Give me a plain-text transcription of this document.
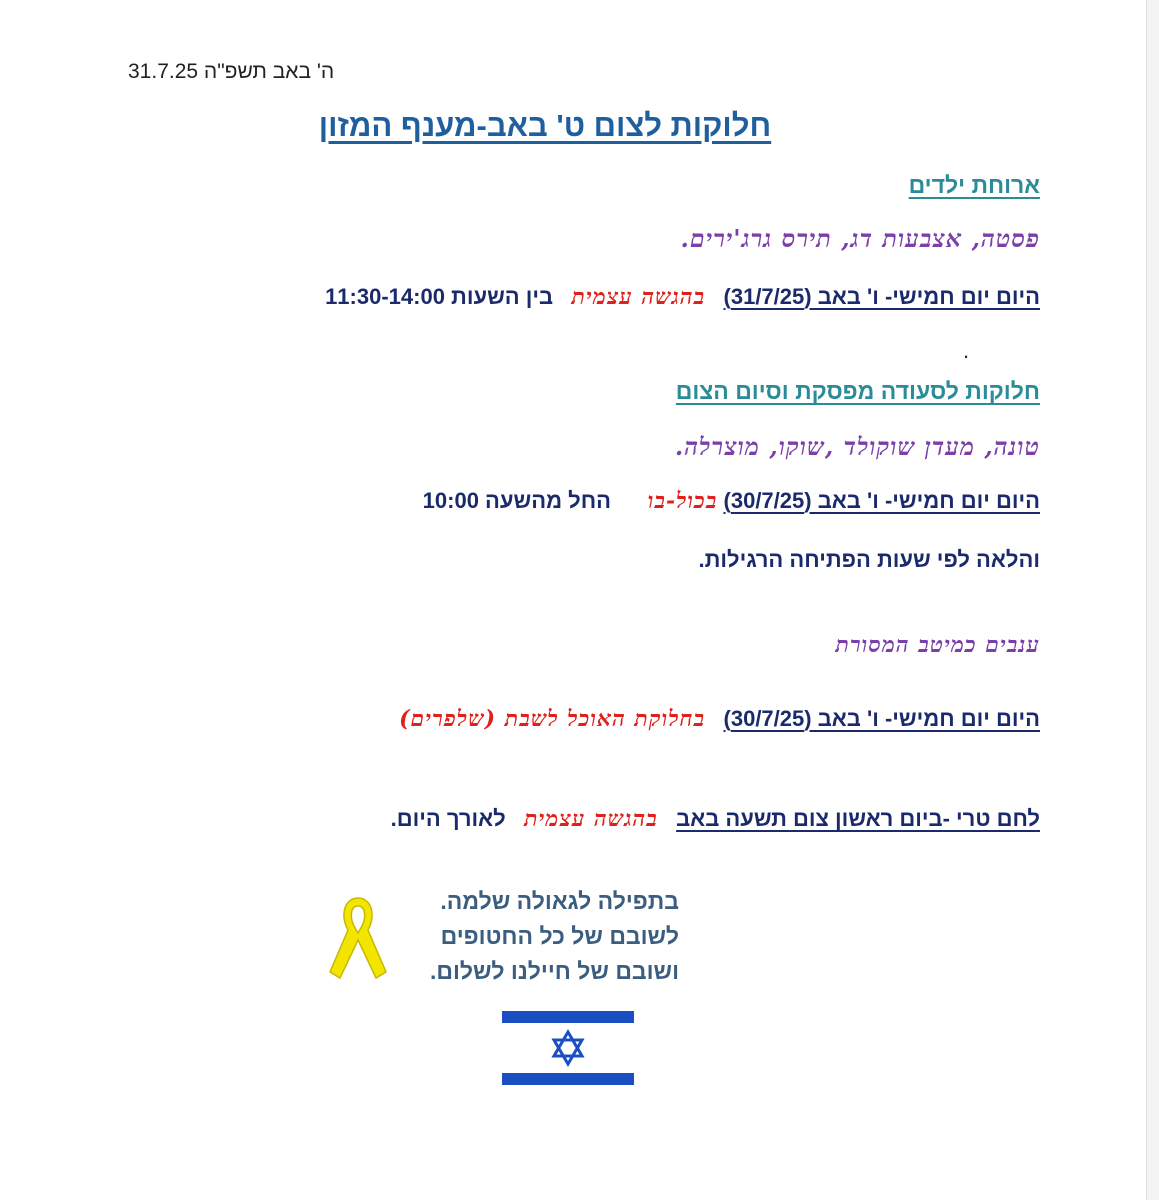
ה' באב תשפ"ה 31.7.25
חלוקות לצום ט' באב-מענף המזון
ארוחת ילדים
פסטה, אצבעות דג, תירס גרג'ירים.
היום יום חמישי- ו' באב (31/7/25)   בהגשה עצמית   בין השעות 11:30-14:00
.
חלוקות לסעודה מפסקת וסיום הצום
טונה, מעדן שוקולד ,שוקו, מוצרלה.
היום יום חמישי- ו' באב (30/7/25) בכול-בו      החל מהשעה 10:00
והלאה לפי שעות הפתיחה הרגילות.
ענבים כמיטב המסורת
היום יום חמישי- ו' באב (30/7/25)   בחלוקת האוכל לשבת (שלפרים)
לחם טרי -ביום ראשון צום תשעה באב   בהגשה עצמית   לאורך היום.
בתפילה לגאולה שלמה.
לשובם של כל החטופים
ושובם של חיילנו לשלום.
